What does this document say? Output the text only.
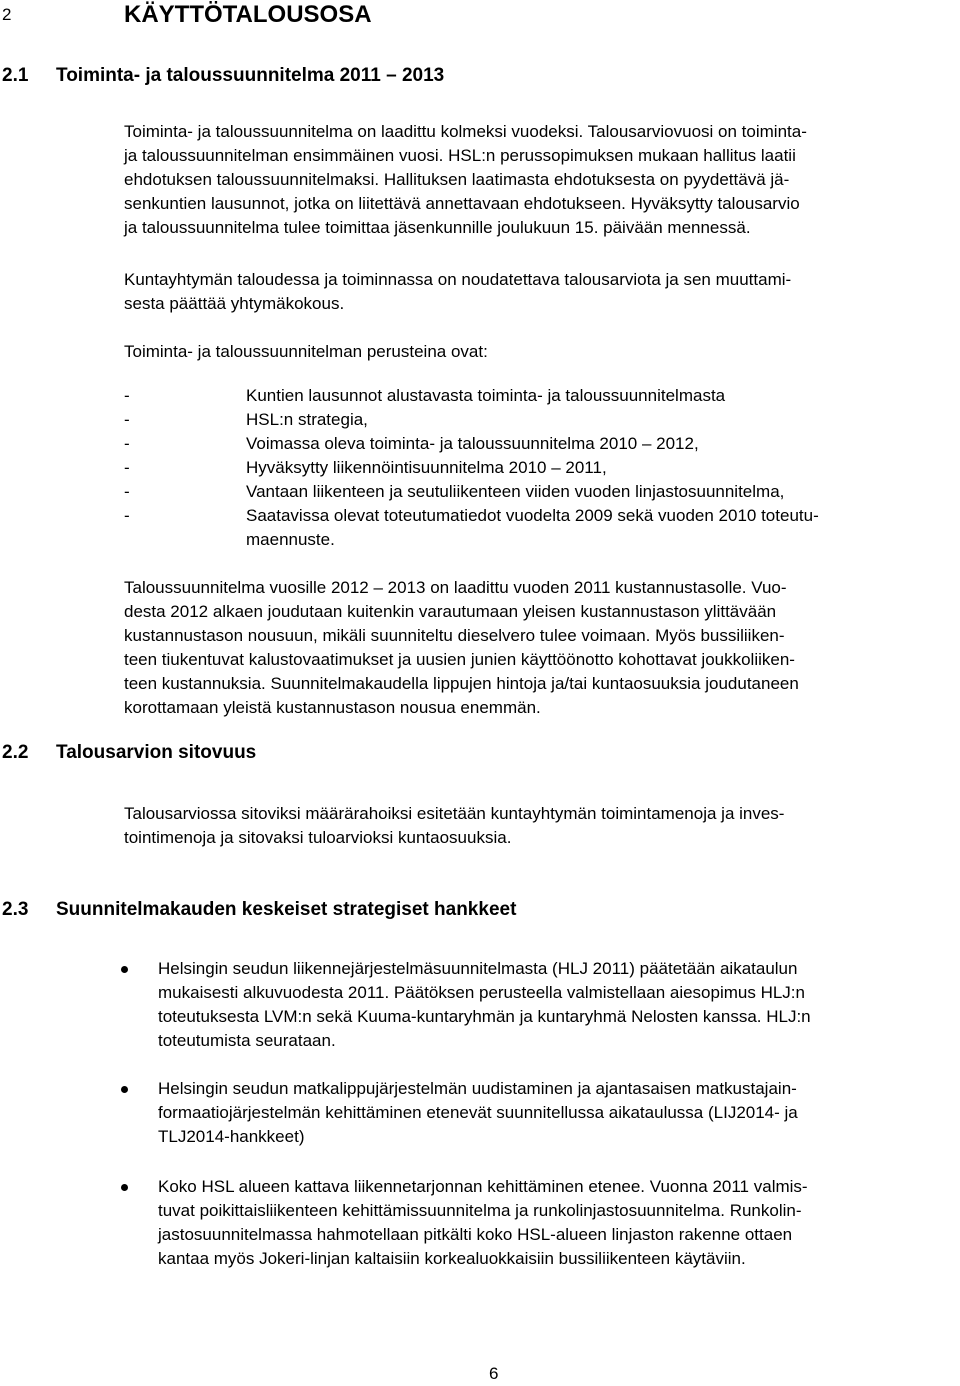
2	KÄYTTÖTALOUSOSA
2.1 Toiminta- ja taloussuunnitelma 2011 – 2013
Toiminta- ja taloussuunnitelma on laadittu kolmeksi vuodeksi. Talousarviovuosi on toiminta-
ja taloussuunnitelman ensimmäinen vuosi. HSL:n perussopimuksen mukaan hallitus laatii
ehdotuksen taloussuunnitelmaksi. Hallituksen laatimasta ehdotuksesta on pyydettävä jä-
senkuntien lausunnot, jotka on liitettävä annettavaan ehdotukseen. Hyväksytty talousarvio
ja taloussuunnitelma tulee toimittaa jäsenkunnille joulukuun 15. päivään mennessä.
Kuntayhtymän taloudessa ja toiminnassa on noudatettava talousarviota ja sen muuttami-
sesta päättää yhtymäkokous.
Toiminta- ja taloussuunnitelman perusteina ovat:
-	Kuntien lausunnot alustavasta toiminta- ja taloussuunnitelmasta
-	HSL:n strategia,
-	Voimassa oleva toiminta- ja taloussuunnitelma 2010 – 2012,
-	Hyväksytty liikennöintisuunnitelma 2010 – 2011,
-	Vantaan liikenteen ja seutuliikenteen viiden vuoden linjastosuunnitelma,
-	Saatavissa olevat toteutumatiedot vuodelta 2009 sekä vuoden 2010 toteutu-
maennuste.
Taloussuunnitelma vuosille 2012 – 2013 on laadittu vuoden 2011 kustannustasolle. Vuo-
desta 2012 alkaen joudutaan kuitenkin varautumaan yleisen kustannustason ylittävään
kustannustason nousuun, mikäli suunniteltu dieselvero tulee voimaan. Myös bussiliiken-
teen tiukentuvat kalustovaatimukset ja uusien junien käyttöönotto kohottavat joukkoliiken-
teen kustannuksia. Suunnitelmakaudella lippujen hintoja ja/tai kuntaosuuksia joudutaneen
korottamaan yleistä kustannustason nousua enemmän.
2.2 Talousarvion sitovuus
Talousarviossa sitoviksi määrärahoiksi esitetään kuntayhtymän toimintamenoja ja inves-
tointimenoja ja sitovaksi tuloarvioksi kuntaosuuksia.
2.3 Suunnitelmakauden keskeiset strategiset hankkeet
Helsingin seudun liikennejärjestelmäsuunnitelmasta (HLJ 2011) päätetään aikataulun
mukaisesti alkuvuodesta 2011. Päätöksen perusteella valmistellaan aiesopimus HLJ:n
toteutuksesta LVM:n sekä Kuuma-kuntaryhmän ja kuntaryhmä Nelosten kanssa. HLJ:n
toteutumista seurataan.
Helsingin seudun matkalippujärjestelmän uudistaminen ja ajantasaisen matkustajain-
formaatiojärjestelmän kehittäminen etenevät suunnitellussa aikataulussa (LIJ2014- ja
TLJ2014-hankkeet)
Koko HSL alueen kattava liikennetarjonnan kehittäminen etenee. Vuonna 2011 valmis-
tuvat poikittaisliikenteen kehittämissuunnitelma ja runkolinjastosuunnitelma. Runkolin-
jastosuunnitelmassa hahmotellaan pitkälti koko HSL-alueen linjaston rakenne ottaen
kantaa myös Jokeri-linjan kaltaisiin korkealuokkaisiin bussiliikenteen käytäviin.
6
